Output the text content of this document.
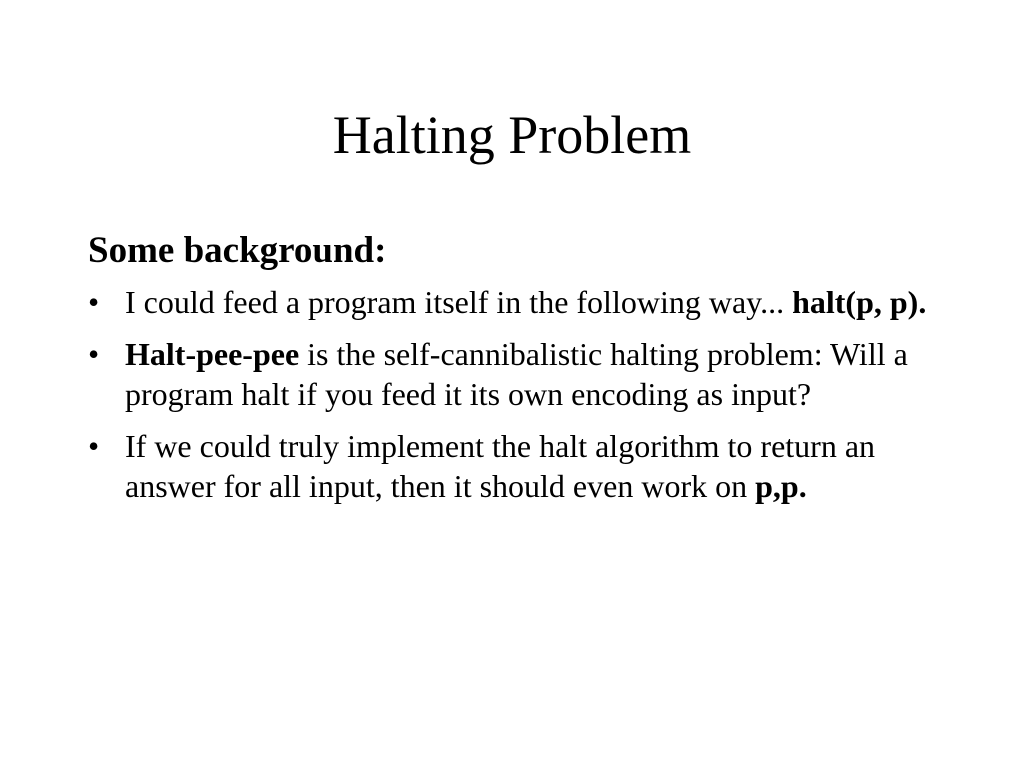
Halting Problem
Some background:
• I could feed a program itself in the following way... halt(p, p).
• Halt-pee-pee is the self-cannibalistic halting problem: Will a program halt if you feed it its own encoding as input?
• If we could truly implement the halt algorithm to return an answer for all input, then it should even work on p,p.
